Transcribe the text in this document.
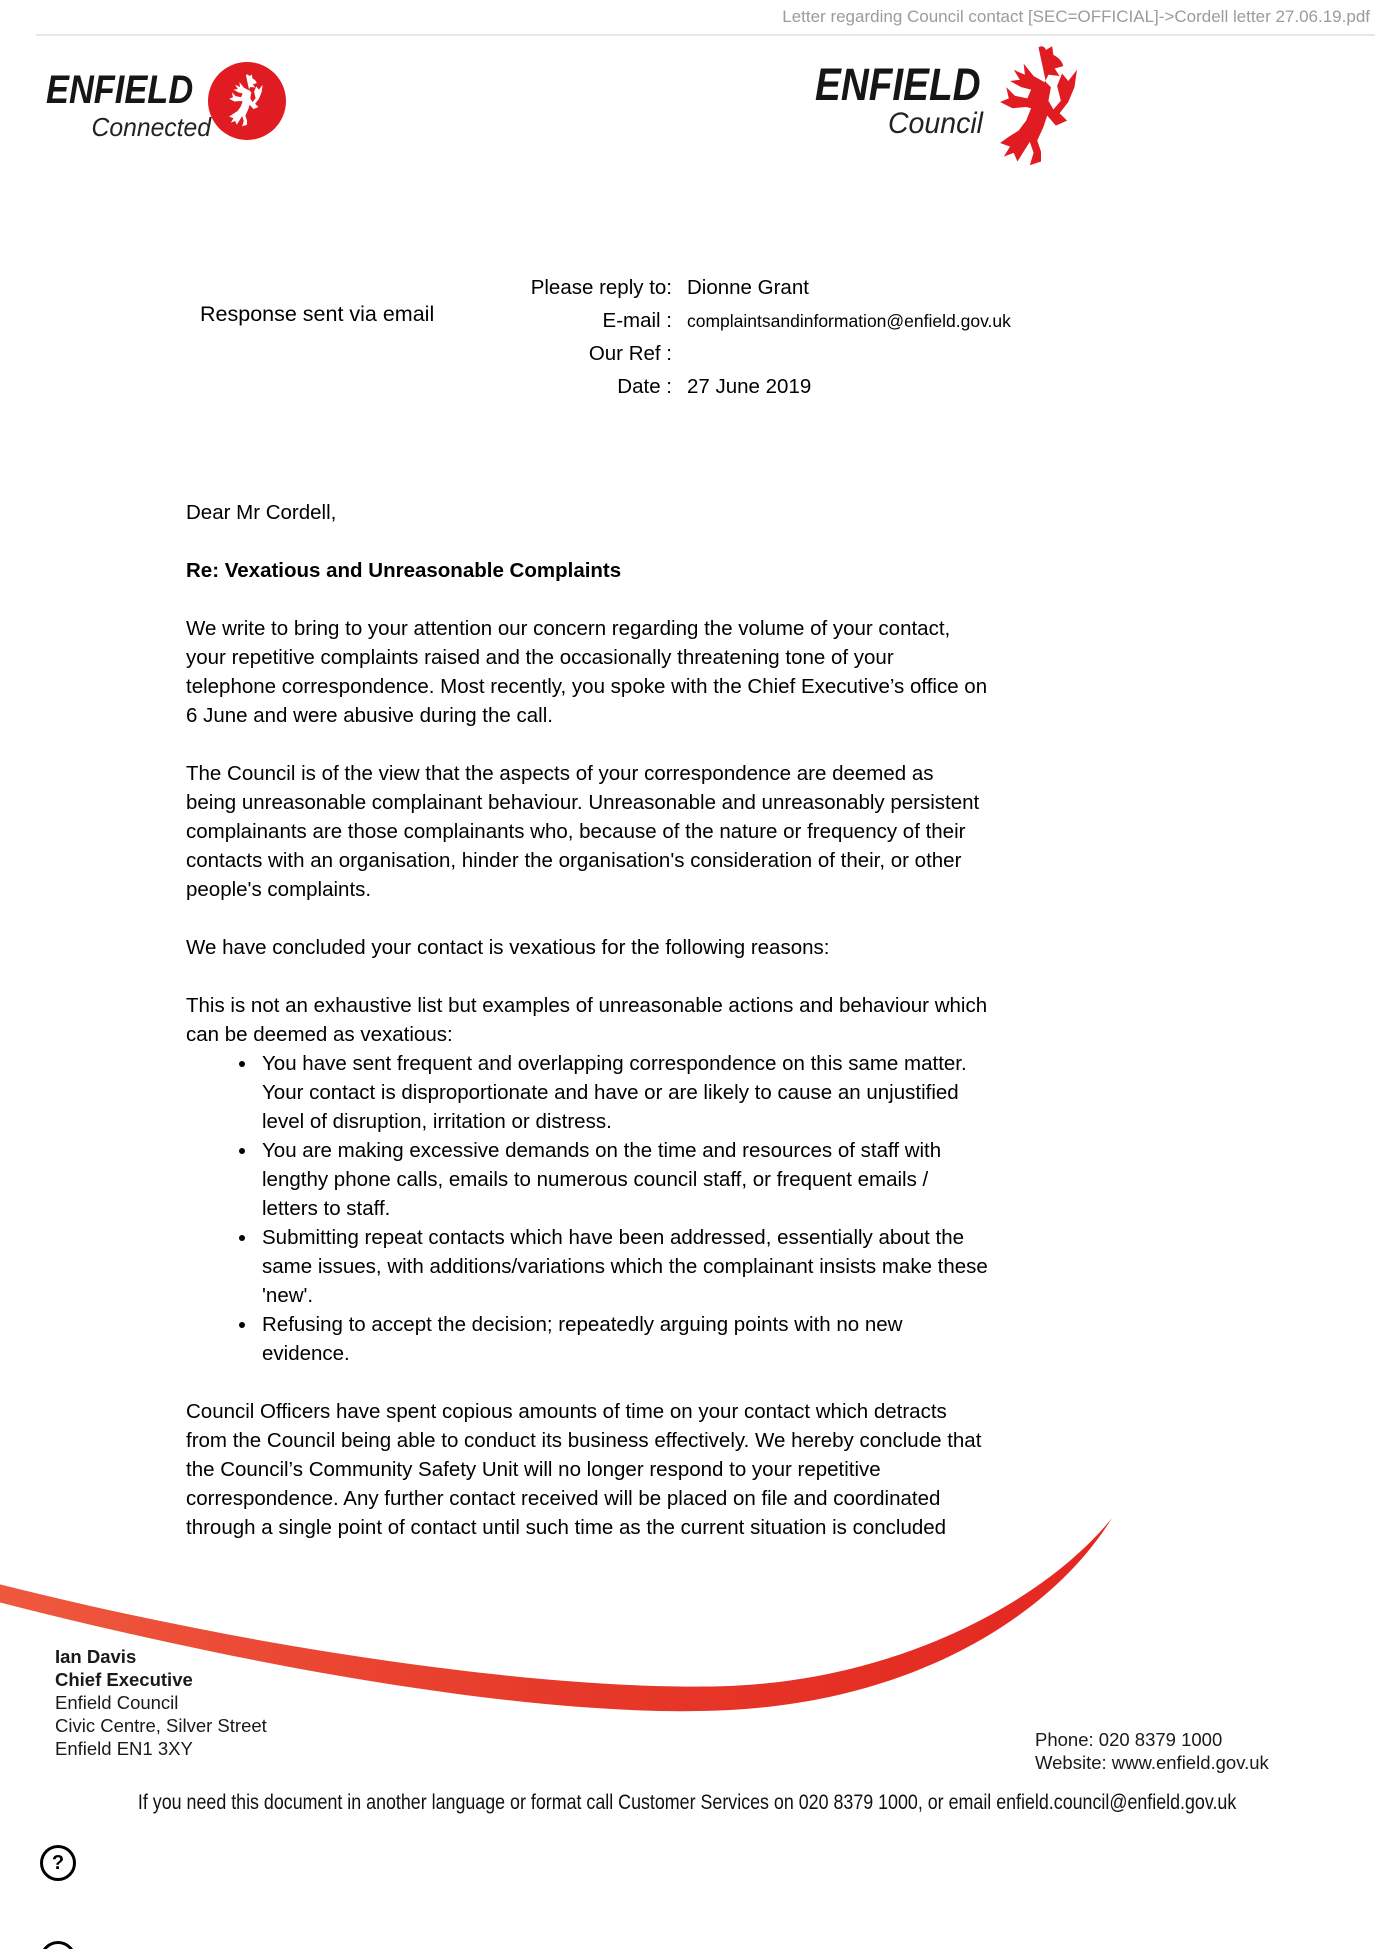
Letter regarding Council contact [SEC=OFFICIAL]->Cordell letter 27.06.19.pdf
ENFIELD
Connected
ENFIELD
Council
Please reply to: Dionne Grant
E-mail : complaintsandinformation@enfield.gov.uk
Our Ref :
Date : 27 June 2019
Response sent via email

Dear Mr Cordell,

Re: Vexatious and Unreasonable Complaints

We write to bring to your attention our concern regarding the volume of your contact, your repetitive complaints raised and the occasionally threatening tone of your telephone correspondence. Most recently, you spoke with the Chief Executive’s office on 6 June and were abusive during the call.

The Council is of the view that the aspects of your correspondence are deemed as being unreasonable complainant behaviour. Unreasonable and unreasonably persistent complainants are those complainants who, because of the nature or frequency of their contacts with an organisation, hinder the organisation's consideration of their, or other people's complaints.

We have concluded your contact is vexatious for the following reasons:

This is not an exhaustive list but examples of unreasonable actions and behaviour which can be deemed as vexatious:

• You have sent frequent and overlapping correspondence on this same matter. Your contact is disproportionate and have or are likely to cause an unjustified level of disruption, irritation or distress.
• You are making excessive demands on the time and resources of staff with lengthy phone calls, emails to numerous council staff, or frequent emails / letters to staff.
• Submitting repeat contacts which have been addressed, essentially about the same issues, with additions/variations which the complainant insists make these 'new'.
• Refusing to accept the decision; repeatedly arguing points with no new evidence.

Council Officers have spent copious amounts of time on your contact which detracts from the Council being able to conduct its business effectively. We hereby conclude that the Council’s Community Safety Unit will no longer respond to your repetitive correspondence. Any further contact received will be placed on file and coordinated through a single point of contact until such time as the current situation is concluded

Ian Davis
Chief Executive
Enfield Council
Civic Centre, Silver Street
Enfield EN1 3XY	Phone: 020 8379 1000
Website: www.enfield.gov.uk
If you need this document in another language or format call Customer Services on 020 8379 1000, or email enfield.council@enfield.gov.uk
?
